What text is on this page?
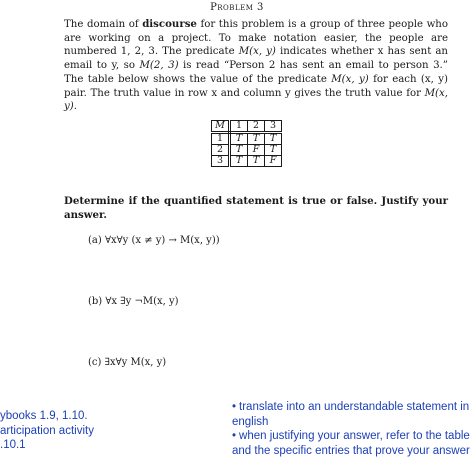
Problem 3
The domain of discourse for this problem is a group of three people who are working on a project. To make notation easier, the people are numbered 1, 2, 3. The predicate M(x, y) indicates whether x has sent an email to y, so M(2, 3) is read “Person 2 has sent an email to person 3.” The table below shows the value of the predicate M(x, y) for each (x, y) pair. The truth value in row x and column y gives the truth value for M(x, y).
M	1	2	3
1	T	T	T
2	T	F	T
3	T	T	F
Determine if the quantified statement is true or false. Justify your answer.
(a) ∀x∀y (x ≠ y) → M(x, y))
(b) ∀x ∃y ¬M(x, y)
(c) ∃x∀y M(x, y)
ybooks 1.9, 1.10.
articipation activity
.10.1
• translate into an understandable statement in english
• when justifying your answer, refer to the table and the specific entries that prove your answer
